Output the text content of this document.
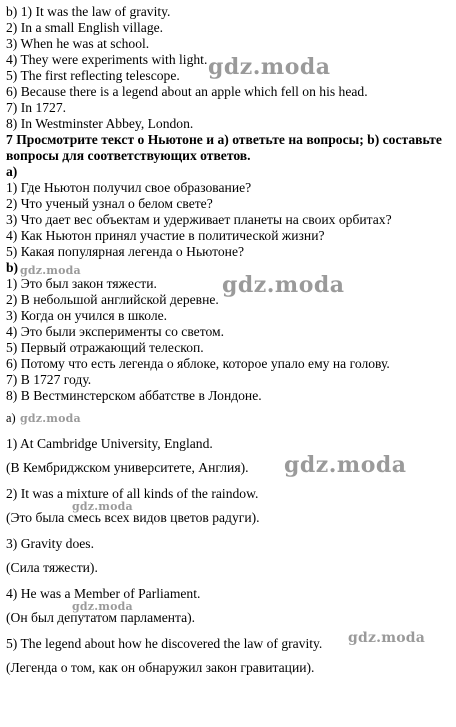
b) 1) It was the law of gravity.
2) In a small English village.
3) When he was at school.
4) They were experiments with light.
5) The first reflecting telescope.
6) Because there is a legend about an apple which fell on his head.
7) In 1727.
8) In Westminster Abbey, London.
7 Просмотрите текст о Ньютоне и a) ответьте на вопросы; b) составьте
вопросы для соответствующих ответов.
a)
1) Где Ньютон получил свое образование?
2) Что ученый узнал о белом свете?
3) Что дает вес объектам и удерживает планеты на своих орбитах?
4) Как Ньютон принял участие в политической жизни?
5) Какая популярная легенда о Ньютоне?
b)
1) Это был закон тяжести.
2) В небольшой английской деревне.
3) Когда он учился в школе.
4) Это были эксперименты со светом.
5) Первый отражающий телескоп.
6) Потому что есть легенда о яблоке, которое упало ему на голову.
7) В 1727 году.
8) В Вестминстерском аббатстве в Лондоне.
a)
1) At Cambridge University, England.
(В Кембриджском университете, Англия).
2) It was a mixture of all kinds of the raindow.
(Это была смесь всех видов цветов радуги).
3) Gravity does.
(Сила тяжести).
4) He was a Member of Parliament.
(Он был депутатом парламента).
5) The legend about how he discovered the law of gravity.
(Легенда о том, как он обнаружил закон гравитации).
gdz.moda
gdz.moda
gdz.moda
gdz.moda
gdz.moda
gdz.moda
gdz.moda
gdz.moda
